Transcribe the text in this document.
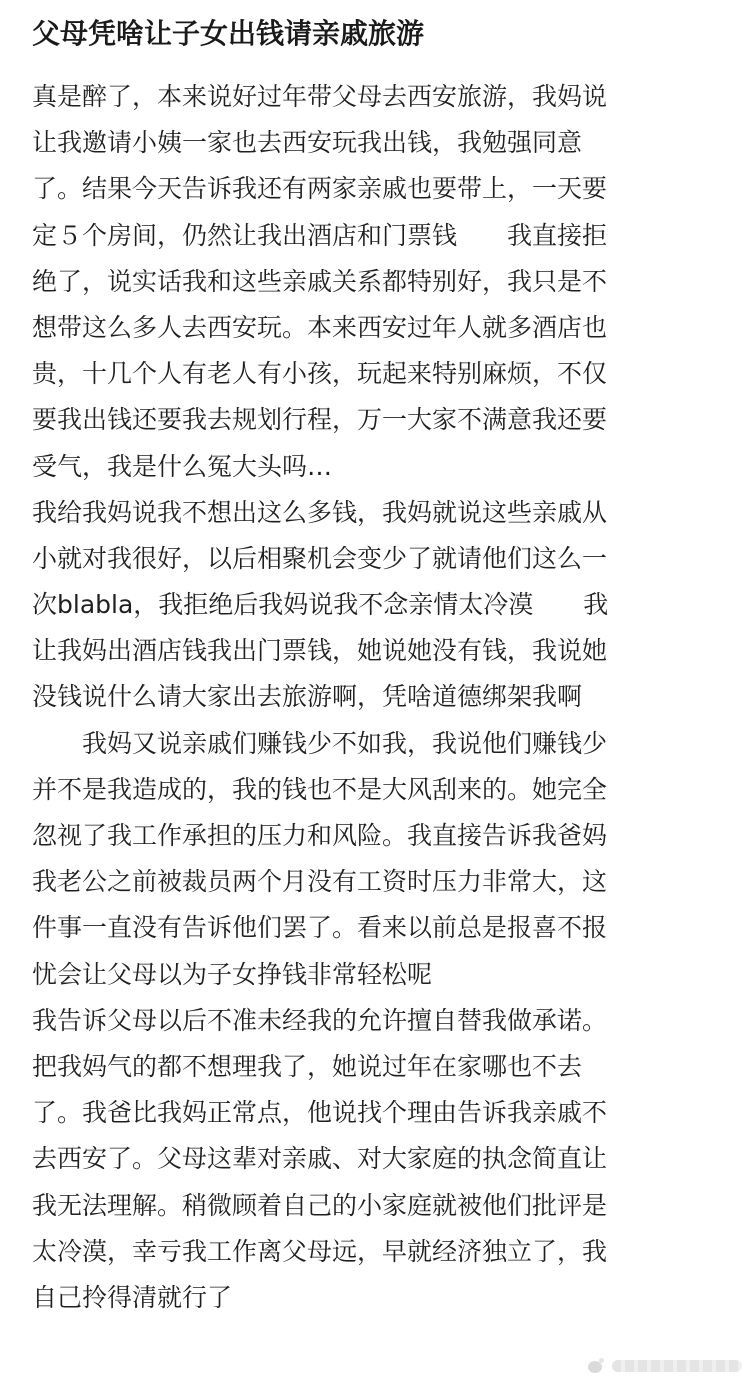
父母凭啥让子女出钱请亲戚旅游
真是醉了，本来说好过年带父母去西安旅游，我妈说
让我邀请小姨一家也去西安玩我出钱，我勉强同意
了。结果今天告诉我还有两家亲戚也要带上，一天要
定５个房间，仍然让我出酒店和门票钱　　我直接拒
绝了，说实话我和这些亲戚关系都特别好，我只是不
想带这么多人去西安玩。本来西安过年人就多酒店也
贵，十几个人有老人有小孩，玩起来特别麻烦，不仅
要我出钱还要我去规划行程，万一大家不满意我还要
受气，我是什么冤大头吗…
我给我妈说我不想出这么多钱，我妈就说这些亲戚从
小就对我很好，以后相聚机会变少了就请他们这么一
次blabla，我拒绝后我妈说我不念亲情太冷漠　　我
让我妈出酒店钱我出门票钱，她说她没有钱，我说她
没钱说什么请大家出去旅游啊，凭啥道德绑架我啊
　　我妈又说亲戚们赚钱少不如我，我说他们赚钱少
并不是我造成的，我的钱也不是大风刮来的。她完全
忽视了我工作承担的压力和风险。我直接告诉我爸妈
我老公之前被裁员两个月没有工资时压力非常大，这
件事一直没有告诉他们罢了。看来以前总是报喜不报
忧会让父母以为子女挣钱非常轻松呢
我告诉父母以后不准未经我的允许擅自替我做承诺。
把我妈气的都不想理我了，她说过年在家哪也不去
了。我爸比我妈正常点，他说找个理由告诉我亲戚不
去西安了。父母这辈对亲戚、对大家庭的执念简直让
我无法理解。稍微顾着自己的小家庭就被他们批评是
太冷漠，幸亏我工作离父母远，早就经济独立了，我
自己拎得清就行了
